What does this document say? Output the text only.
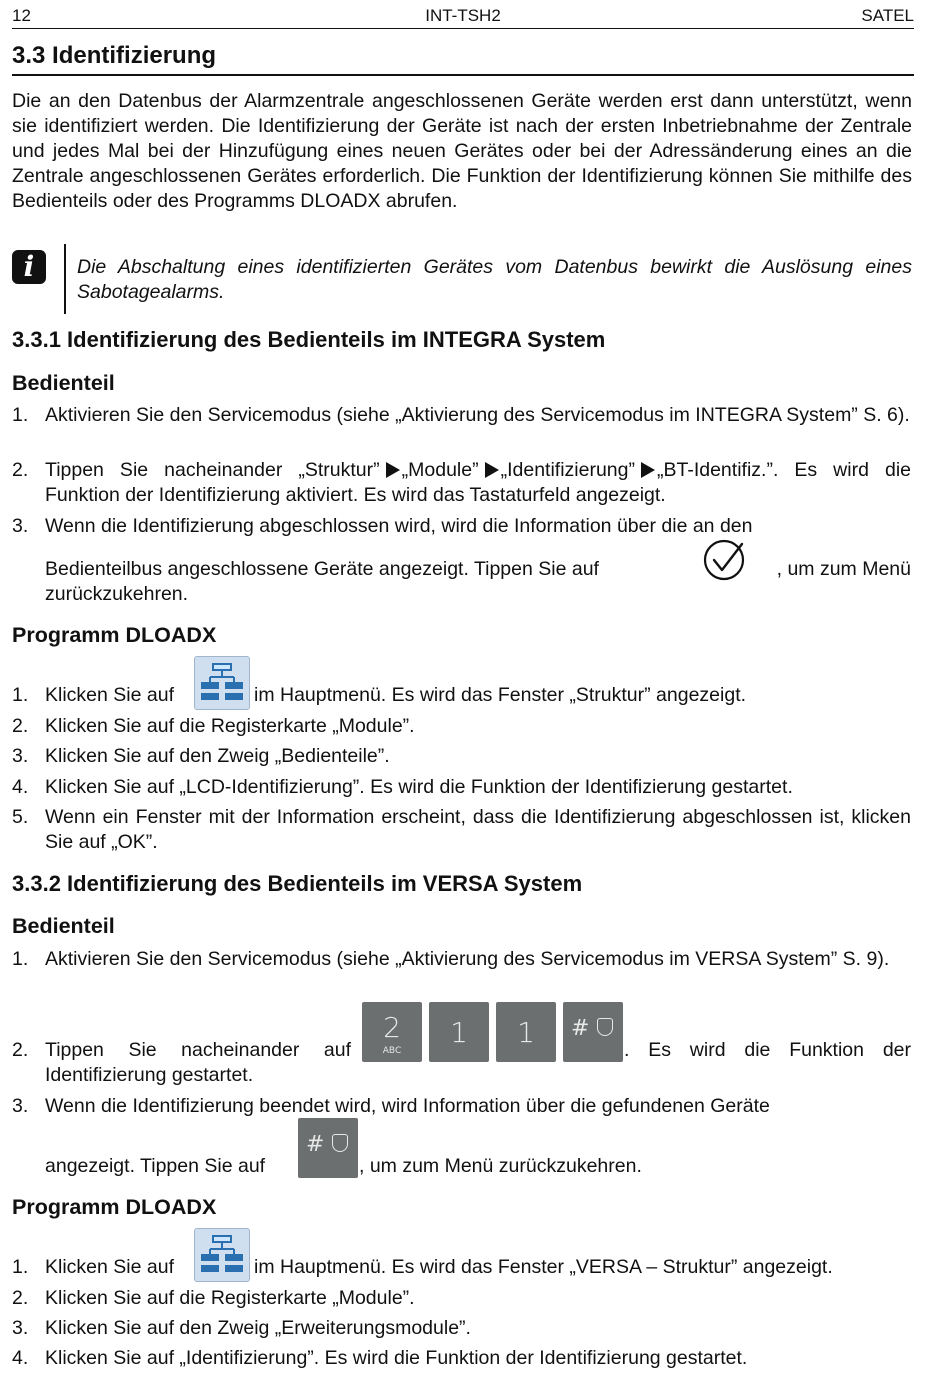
12	INT-TSH2	SATEL
3.3 Identifizierung
Die an den Datenbus der Alarmzentrale angeschlossenen Geräte werden erst dann unterstützt, wenn sie identifiziert werden. Die Identifizierung der Geräte ist nach der ersten Inbetriebnahme der Zentrale und jedes Mal bei der Hinzufügung eines neuen Gerätes oder bei der Adressänderung eines an die Zentrale angeschlossenen Gerätes erforderlich. Die Funktion der Identifizierung können Sie mithilfe des Bedienteils oder des Programms DLOADX abrufen.
i	Die Abschaltung eines identifizierten Gerätes vom Datenbus bewirkt die Auslösung eines Sabotagealarms.
3.3.1 Identifizierung des Bedienteils im INTEGRA System
Bedienteil
1. Aktivieren Sie den Servicemodus (siehe „Aktivierung des Servicemodus im INTEGRA System” S. 6).
2. Tippen Sie nacheinander „Struktur” „Module” „Identifizierung” „BT-Identifiz.”. Es wird die Funktion der Identifizierung aktiviert. Es wird das Tastaturfeld angezeigt.
3. Wenn die Identifizierung abgeschlossen wird, wird die Information über die an den
Bedienteilbus angeschlossene Geräte angezeigt. Tippen Sie auf	, um zum Menü
zurückzukehren.
Programm DLOADX
1. Klicken Sie auf	im Hauptmenü. Es wird das Fenster „Struktur” angezeigt.
2. Klicken Sie auf die Registerkarte „Module”.
3. Klicken Sie auf den Zweig „Bedienteile”.
4. Klicken Sie auf „LCD-Identifizierung”. Es wird die Funktion der Identifizierung gestartet.
5. Wenn ein Fenster mit der Information erscheint, dass die Identifizierung abgeschlossen ist, klicken Sie auf „OK”.
3.3.2 Identifizierung des Bedienteils im VERSA System
Bedienteil
1. Aktivieren Sie den Servicemodus (siehe „Aktivierung des Servicemodus im VERSA System” S. 9).
2. Tippen Sie nacheinander auf	. Es wird die Funktion der
Identifizierung gestartet.
2
ABC
1	1	#
3. Wenn die Identifizierung beendet wird, wird Information über die gefundenen Geräte
angezeigt. Tippen Sie auf
#
, um zum Menü zurückzukehren.
Programm DLOADX
1. Klicken Sie auf	im Hauptmenü. Es wird das Fenster „VERSA – Struktur” angezeigt.
2. Klicken Sie auf die Registerkarte „Module”.
3. Klicken Sie auf den Zweig „Erweiterungsmodule”.
4. Klicken Sie auf „Identifizierung”. Es wird die Funktion der Identifizierung gestartet.
